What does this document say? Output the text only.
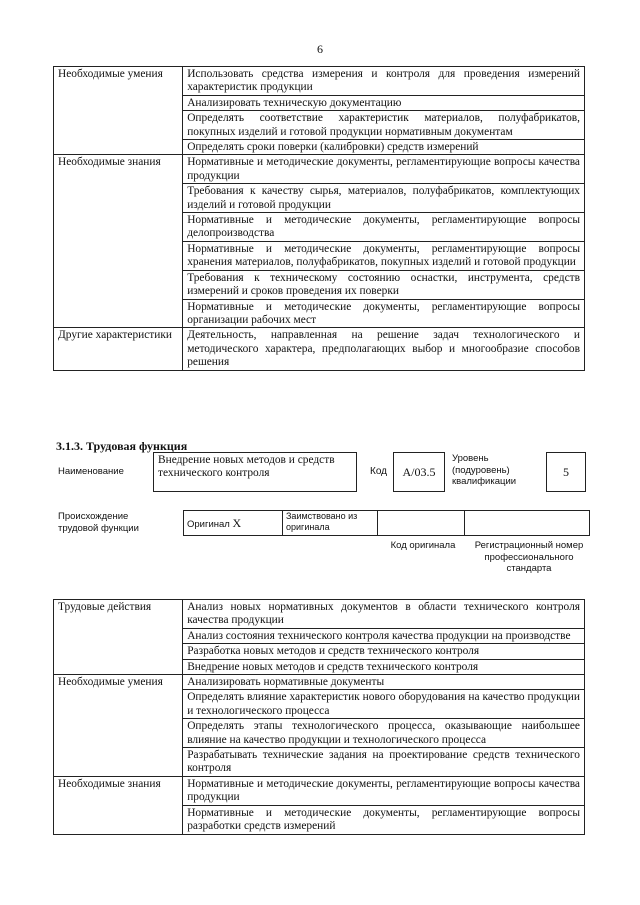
6
Необходимые умения	Использовать средства измерения и контроля для проведения измерений характеристик продукции
	Анализировать техническую документацию
	Определять соответствие характеристик материалов, полуфабрикатов, покупных изделий и готовой продукции нормативным документам
	Определять сроки поверки (калибровки) средств измерений
Необходимые знания	Нормативные и методические документы, регламентирующие вопросы качества продукции
	Требования к качеству сырья, материалов, полуфабрикатов, комплектующих изделий и готовой продукции
	Нормативные и методические документы, регламентирующие вопросы делопроизводства
	Нормативные и методические документы, регламентирующие вопросы хранения материалов, полуфабрикатов, покупных изделий и готовой продукции
	Требования к техническому состоянию оснастки, инструмента, средств измерений и сроков проведения их поверки
	Нормативные и методические документы, регламентирующие вопросы организации рабочих мест
Другие характеристики	Деятельность, направленная на решение задач технологического и методического характера, предполагающих выбор и многообразие способов решения
3.1.3. Трудовая функция
Наименование
Внедрение новых методов и средств технического контроля	Код	А/03.5
Уровень (подуровень) квалификации
5
Происхождение трудовой функции	Оригинал X	Заимствовано из оригинала		
Код оригинала	Регистрационный номер профессионального стандарта
Трудовые действия	Анализ новых нормативных документов в области технического контроля качества продукции
	Анализ состояния технического контроля качества продукции на производстве
	Разработка новых методов и средств технического контроля
	Внедрение новых методов и средств технического контроля
Необходимые умения	Анализировать нормативные документы
	Определять влияние характеристик нового оборудования на качество продукции и технологического процесса
	Определять этапы технологического процесса, оказывающие наибольшее влияние на качество продукции и технологического процесса
	Разрабатывать технические задания на проектирование средств технического контроля
Необходимые знания	Нормативные и методические документы, регламентирующие вопросы качества продукции
	Нормативные и методические документы, регламентирующие вопросы разработки средств измерений
